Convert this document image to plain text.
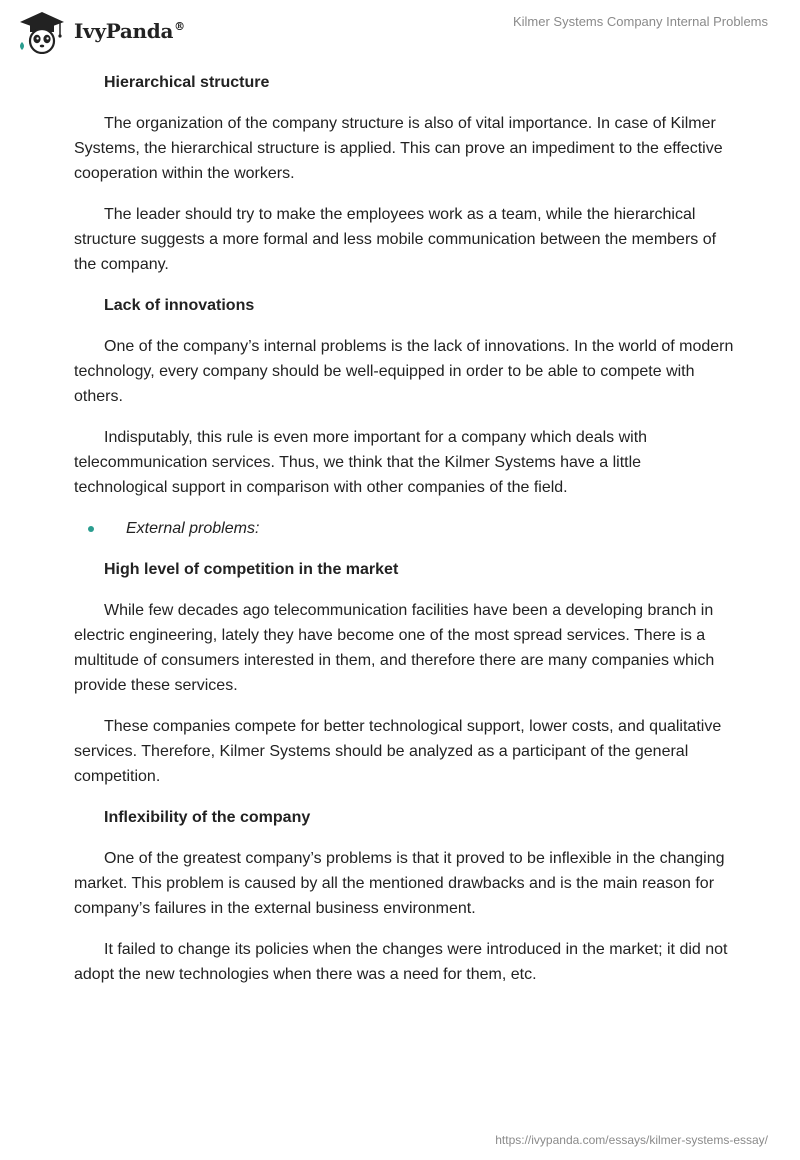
IvyPanda®	Kilmer Systems Company Internal Problems

Hierarchical structure

The organization of the company structure is also of vital importance. In case of Kilmer Systems, the hierarchical structure is applied. This can prove an impediment to the effective cooperation within the workers.

The leader should try to make the employees work as a team, while the hierarchical structure suggests a more formal and less mobile communication between the members of the company.

Lack of innovations

One of the company’s internal problems is the lack of innovations. In the world of modern technology, every company should be well-equipped in order to be able to compete with others.

Indisputably, this rule is even more important for a company which deals with telecommunication services. Thus, we think that the Kilmer Systems have a little technological support in comparison with other companies of the field.

External problems:

High level of competition in the market

While few decades ago telecommunication facilities have been a developing branch in electric engineering, lately they have become one of the most spread services. There is a multitude of consumers interested in them, and therefore there are many companies which provide these services.

These companies compete for better technological support, lower costs, and qualitative services. Therefore, Kilmer Systems should be analyzed as a participant of the general competition.

Inflexibility of the company

One of the greatest company’s problems is that it proved to be inflexible in the changing market. This problem is caused by all the mentioned drawbacks and is the main reason for company’s failures in the external business environment.

It failed to change its policies when the changes were introduced in the market; it did not adopt the new technologies when there was a need for them, etc.

https://ivypanda.com/essays/kilmer-systems-essay/
